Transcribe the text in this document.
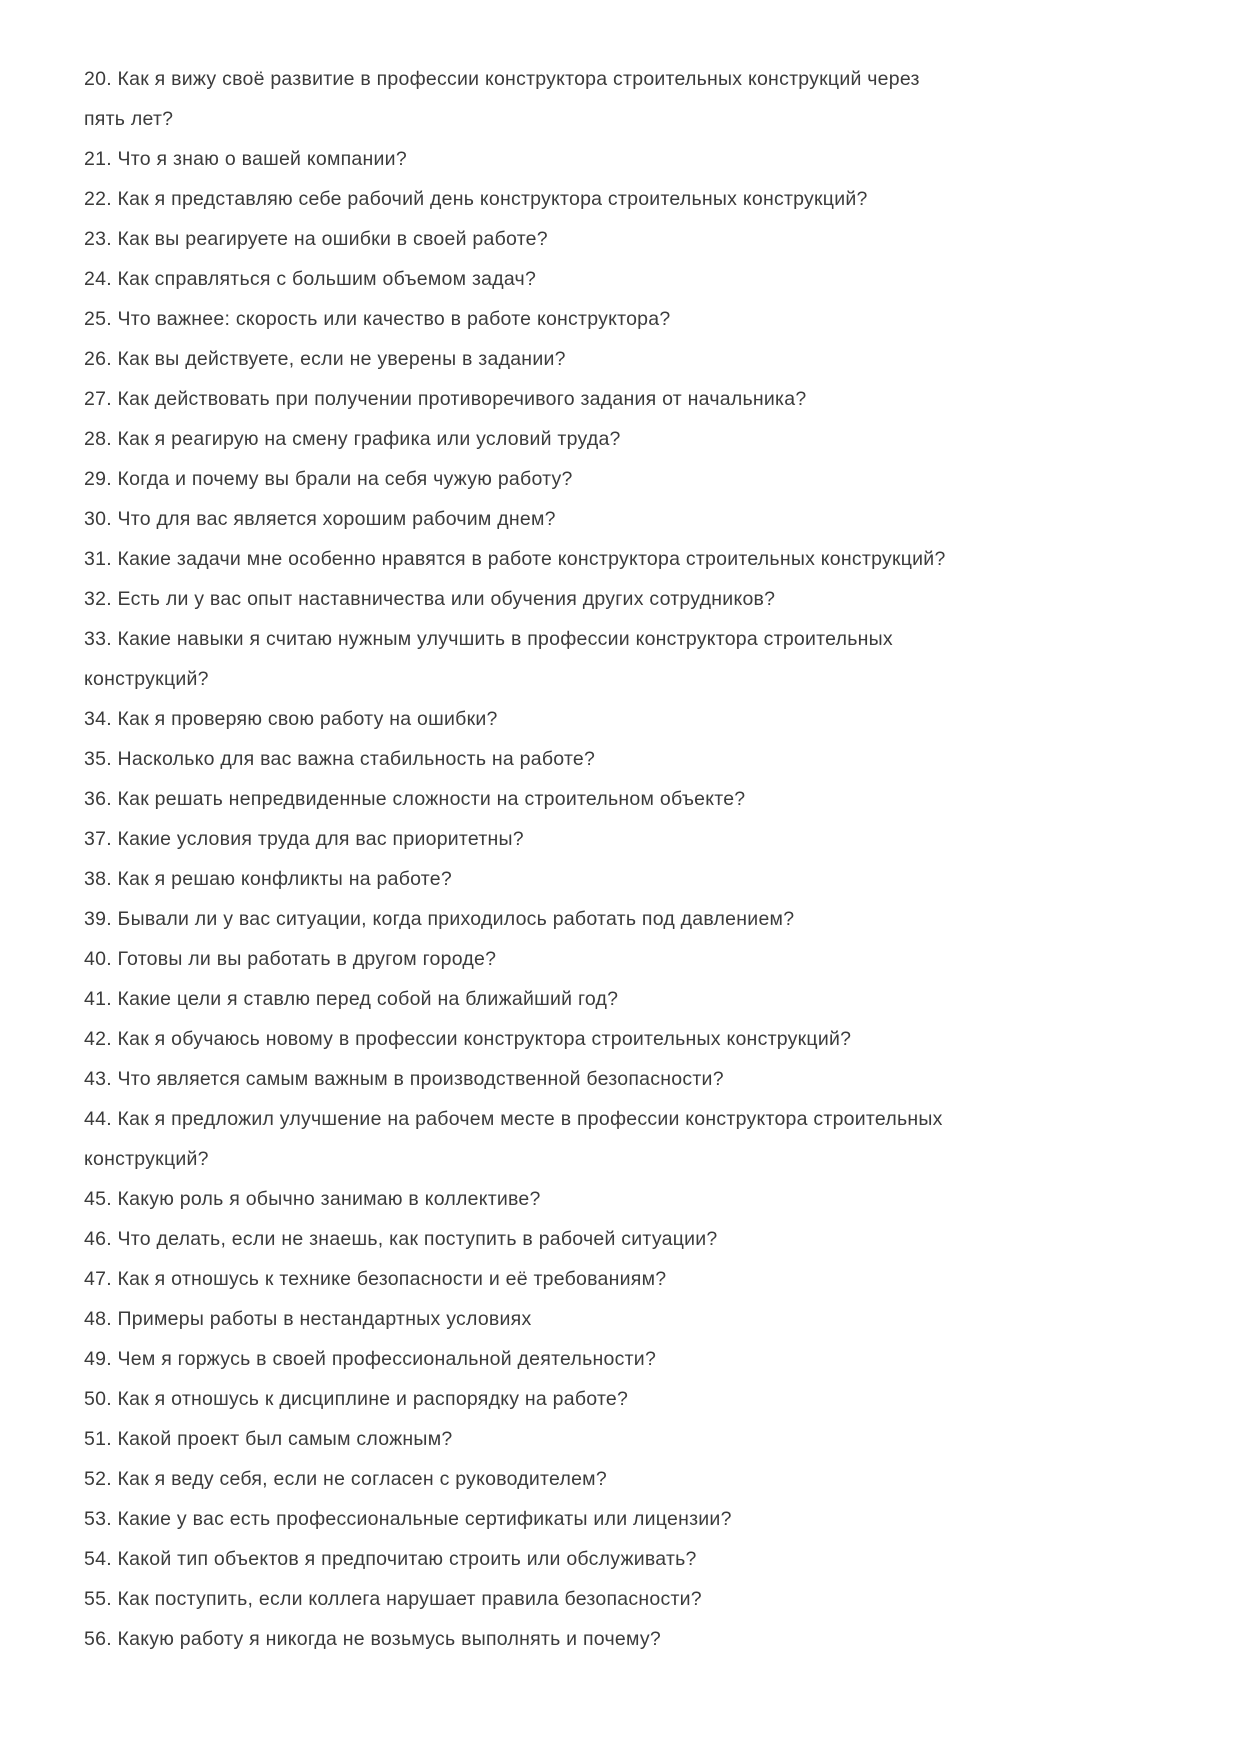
20. Как я вижу своё развитие в профессии конструктора строительных конструкций через
пять лет?

21. Что я знаю о вашей компании?

22. Как я представляю себе рабочий день конструктора строительных конструкций?

23. Как вы реагируете на ошибки в своей работе?

24. Как справляться с большим объемом задач?

25. Что важнее: скорость или качество в работе конструктора?

26. Как вы действуете, если не уверены в задании?

27. Как действовать при получении противоречивого задания от начальника?

28. Как я реагирую на смену графика или условий труда?

29. Когда и почему вы брали на себя чужую работу?

30. Что для вас является хорошим рабочим днем?

31. Какие задачи мне особенно нравятся в работе конструктора строительных конструкций?

32. Есть ли у вас опыт наставничества или обучения других сотрудников?

33. Какие навыки я считаю нужным улучшить в профессии конструктора строительных
конструкций?

34. Как я проверяю свою работу на ошибки?

35. Насколько для вас важна стабильность на работе?

36. Как решать непредвиденные сложности на строительном объекте?

37. Какие условия труда для вас приоритетны?

38. Как я решаю конфликты на работе?

39. Бывали ли у вас ситуации, когда приходилось работать под давлением?

40. Готовы ли вы работать в другом городе?

41. Какие цели я ставлю перед собой на ближайший год?

42. Как я обучаюсь новому в профессии конструктора строительных конструкций?

43. Что является самым важным в производственной безопасности?

44. Как я предложил улучшение на рабочем месте в профессии конструктора строительных
конструкций?

45. Какую роль я обычно занимаю в коллективе?

46. Что делать, если не знаешь, как поступить в рабочей ситуации?

47. Как я отношусь к технике безопасности и её требованиям?

48. Примеры работы в нестандартных условиях

49. Чем я горжусь в своей профессиональной деятельности?

50. Как я отношусь к дисциплине и распорядку на работе?

51. Какой проект был самым сложным?

52. Как я веду себя, если не согласен с руководителем?

53. Какие у вас есть профессиональные сертификаты или лицензии?

54. Какой тип объектов я предпочитаю строить или обслуживать?

55. Как поступить, если коллега нарушает правила безопасности?

56. Какую работу я никогда не возьмусь выполнять и почему?
